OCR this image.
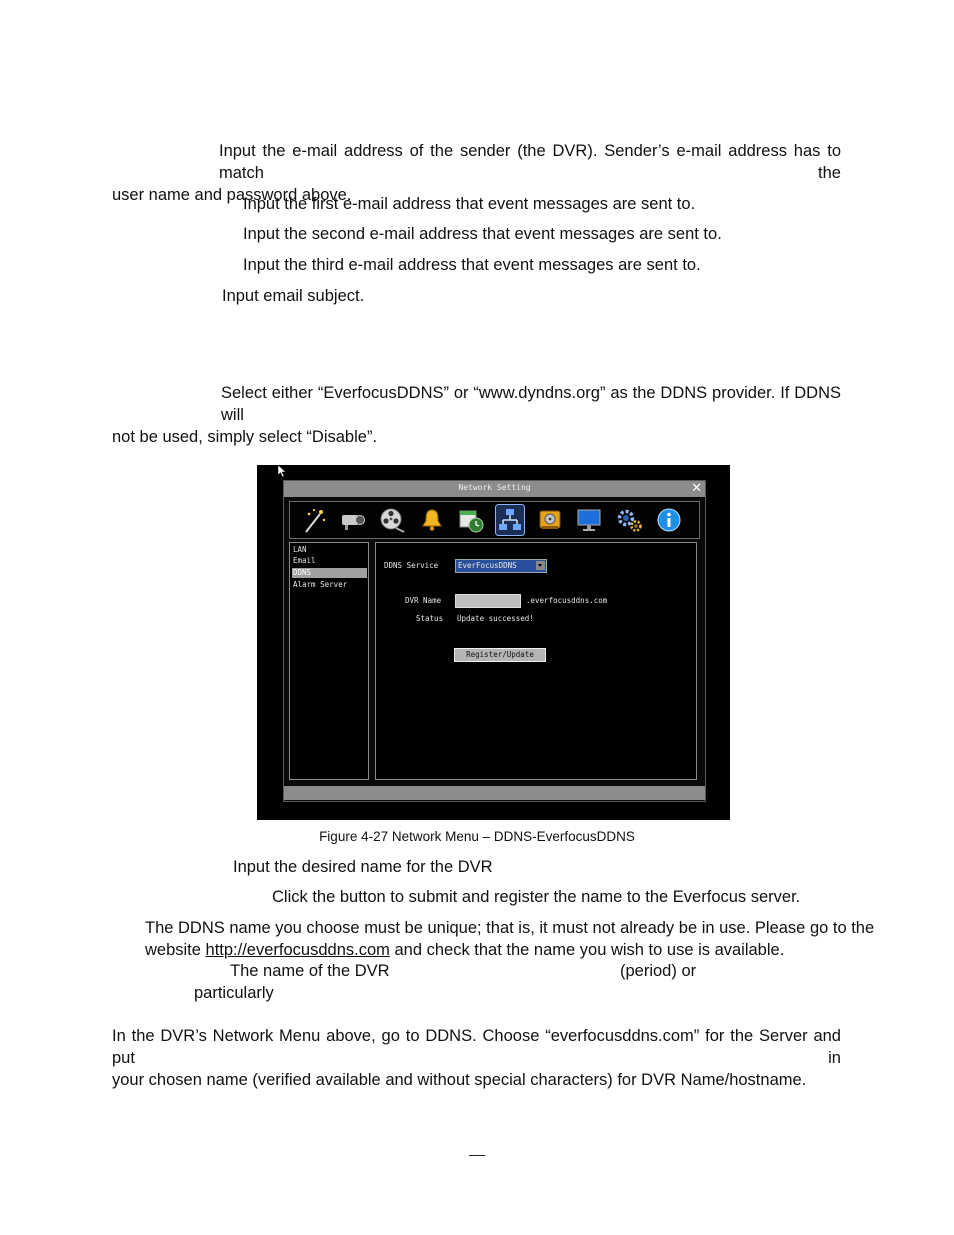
Input the e-mail address of the sender (the DVR). Sender’s e-mail address has to match the
user name and password above.
Input the first e-mail address that event messages are sent to.
Input the second e-mail address that event messages are sent to.
Input the third e-mail address that event messages are sent to.
Input email subject.
Select either “EverfocusDDNS” or “www.dyndns.org” as the DDNS provider. If DDNS will
not be used, simply select “Disable”.
Network Setting	✕
LAN
Email
DDNS
Alarm Server
DDNS Service	EverFocusDDNS
DVR Name	.everfocusddns.com
Status Update successed!
Register/Update
Figure 4-27 Network Menu – DDNS-EverfocusDDNS
Input the desired name for the DVR
Click the button to submit and register the name to the Everfocus server.
The DDNS name you choose must be unique; that is, it must not already be in use. Please go to the
website http://everfocusddns.com and check that the name you wish to use is available.
The name of the DVR	(period) or
particularly
In the DVR’s Network Menu above, go to DDNS. Choose “everfocusddns.com” for the Server and put in
your chosen name (verified available and without special characters) for DVR Name/hostname.
